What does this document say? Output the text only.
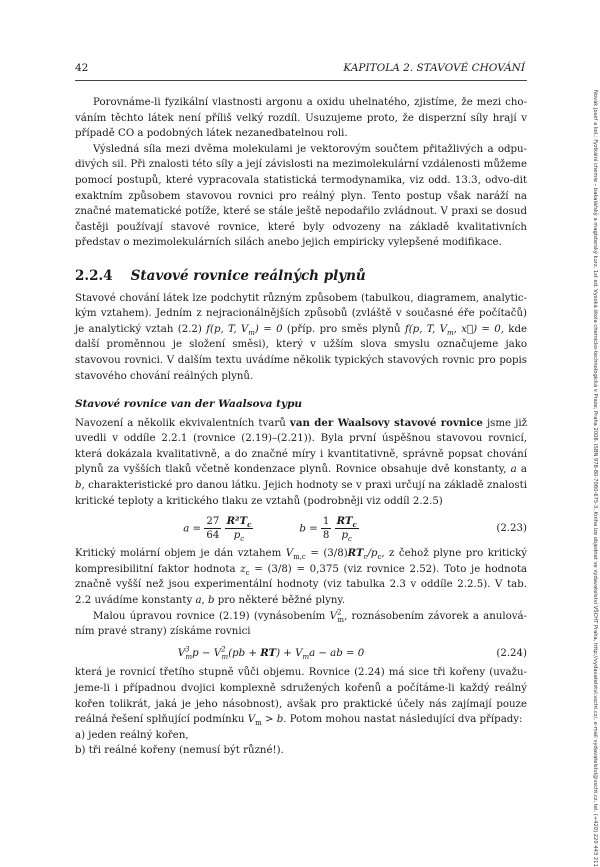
42	KAPITOLA 2. STAVOVÉ CHOVÁNÍ
Novák Josef a kol.: Fyzikální chemie – bakalářský a magisterský kurz. 1st ed. Vysoká škola chemicko-technologická v Praze, Praha 2008. ISBN 978-80-7080-675-3. Kniha lze objednat ve vydavatelství VŠCHT Praha, http://vydavatelstvi.vscht.cz/, e-mail vydavatelstvi@vscht.cz, tel. (+420) 220 443 211

Porovnáme-li fyzikální vlastnosti argonu a oxidu uhelnatého, zjistíme, že mezi cho-váním těchto látek není příliš velký rozdíl. Usuzujeme proto, že disperzní síly hrají v případě CO a podobných látek nezanedbatelnou roli.

Výsledná síla mezi dvěma molekulami je vektorovým součtem přitažlivých a odpu-divých sil. Při znalosti této síly a její závislosti na mezimolekulární vzdálenosti můžeme pomocí postupů, které vypracovala statistická termodynamika, viz odd. 13.3, odvo-dit exaktním způsobem stavovou rovnici pro reálný plyn. Tento postup však naráží na značné matematické potíže, které se stále ještě nepodařilo zvládnout. V praxi se dosud častěji používají stavové rovnice, které byly odvozeny na základě kvalitativních představ o mezimolekulárních silách anebo jejich empiricky vylepšené modifikace.

2.2.4 Stavové rovnice reálných plynů

Stavové chování látek lze podchytit různým způsobem (tabulkou, diagramem, analytic-kým vztahem). Jedním z nejracionálnějších způsobů (zvláště v současné éře počítačů) je analytický vztah (2.2) f(p, T, $V_m) = 0$ (příp. pro směs plynů f(p, T, $V_m$, x⃗) = 0, kde další proměnnou je složení směsi), který v užším slova smyslu označujeme jako stavovou rovnici. V dalším textu uvádíme několik typických stavových rovnic pro popis stavového chování reálných plynů.

Stavové rovnice van der Waalsova typu

Navození a několik ekvivalentních tvarů van der Waalsovy stavové rovnice jsme již uvedli v oddíle 2.2.1 (rovnice (2.19)–(2.21)). Byla první úspěšnou stavovou rovnicí, která dokázala kvalitativně, a do značné míry i kvantitativně, správně popsat chování plynů za vyšších tlaků včetně kondenzace plynů. Rovnice obsahuje dvě konstanty, a a b, charakteristické pro danou látku. Jejich hodnoty se v praxi určují na základě znalosti kritické teploty a kritického tlaku ze vztahů (podrobněji viz oddíl 2.2.5)

$a = \frac{27}{64}$
$\frac{R^2T_c}{p_c}$	$b = \frac{1}{8}$
$\frac{RT_c}{p_c}$	(2.23)

Kritický molární objem je dán vztahem $V_{m,c} = (3/8)RT_c/p_c$, z čehož plyne pro kritický kompresibilitní faktor hodnota $z_c = (3/8) = 0,375$ (viz rovnice 2.52). Toto je hodnota značně vyšší než jsou experimentální hodnoty (viz tabulka 2.3 v oddíle 2.2.5). V tab. 2.2 uvádíme konstanty a, b pro některé běžné plyny.

Malou úpravou rovnice (2.19) (vynásobením $V^2_m$, roznásobením závorek a anulová-ním pravé strany) získáme rovnici

$V^3_mp - V^2_m(pb + RT) + V_ma$ − ab = 0	(2.24)

která je rovnicí třetího stupně vůči objemu. Rovnice (2.24) má sice tři kořeny (uvažu-jeme-li i případnou dvojici komplexně sdružených kořenů a počítáme-li každý reálný kořen tolikrát, jaká je jeho násobnost), avšak pro praktické účely nás zajímají pouze reálná řešení splňující podmínku $V_m > b$. Potom mohou nastat následující dva případy:

a) jeden reálný kořen,
b) tři reálné kořeny (nemusí být různé!).
